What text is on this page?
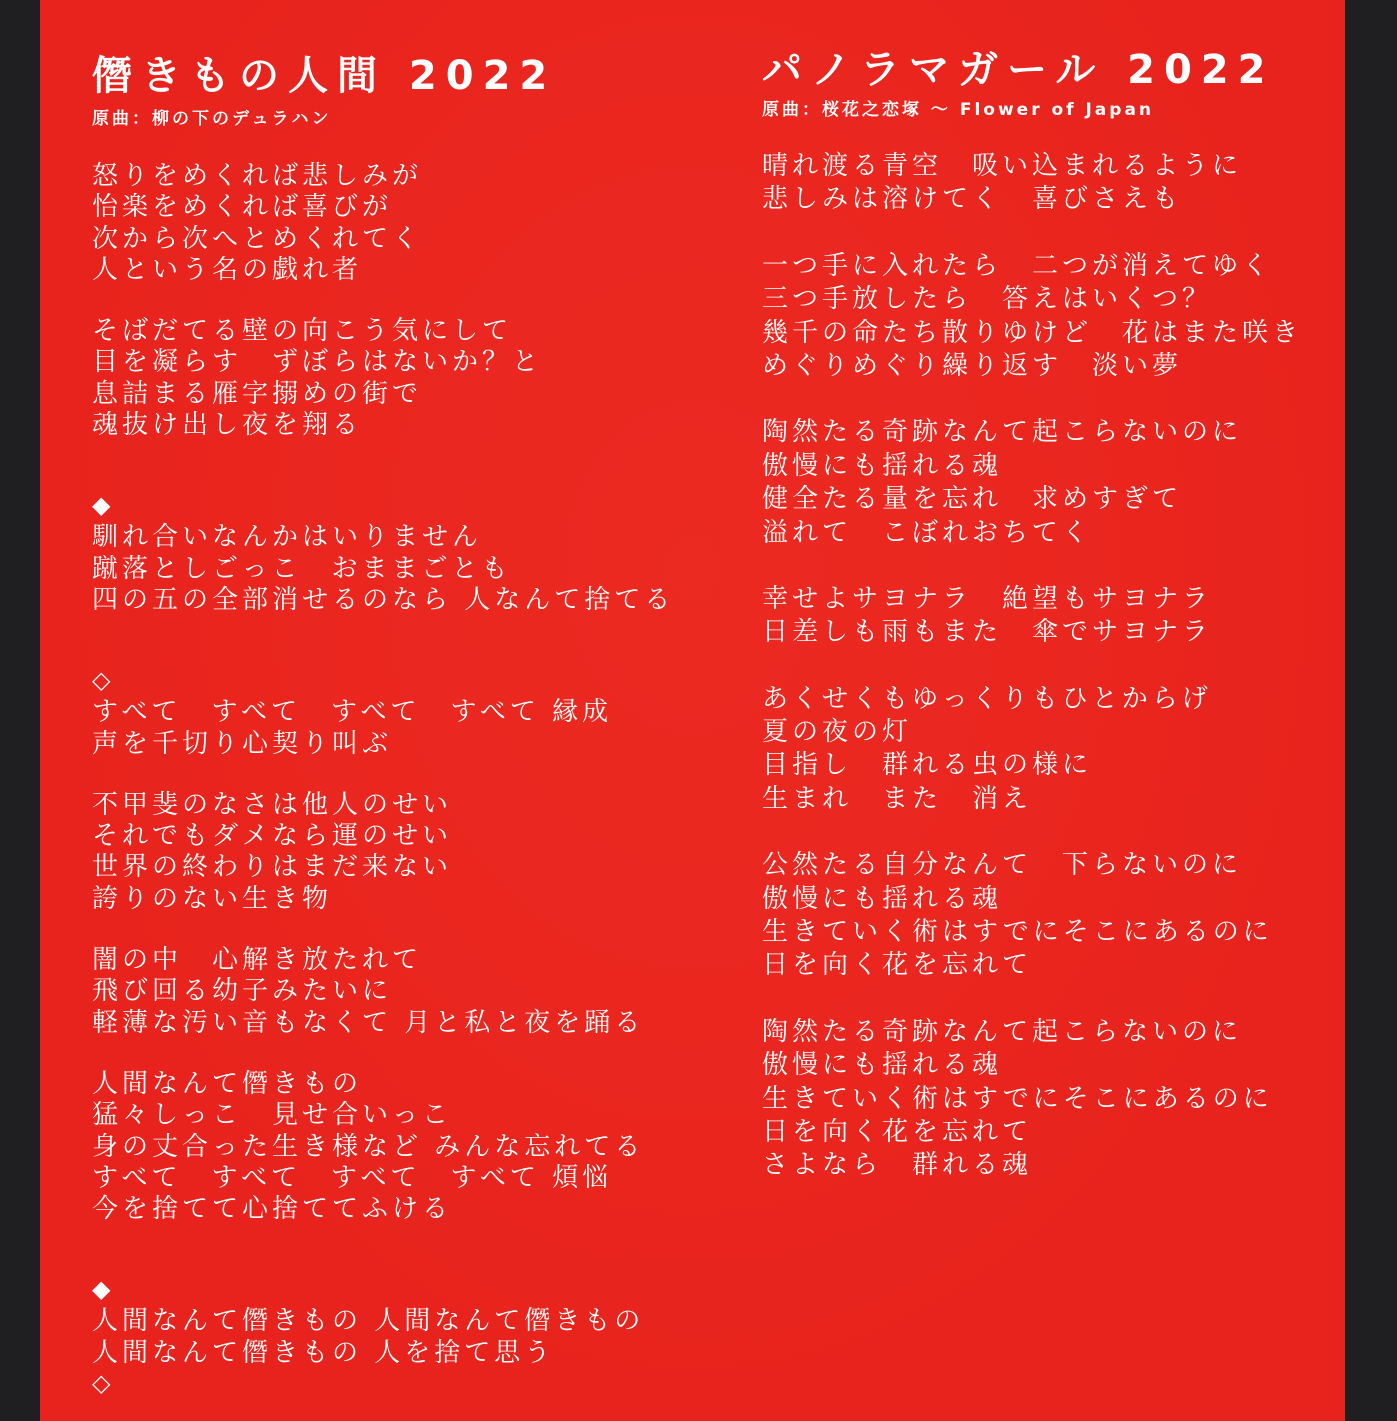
僭きもの人間 2022
原曲：柳の下のデュラハン
怒りをめくれば悲しみが
怡楽をめくれば喜びが
次から次へとめくれてく
人という名の戯れ者
そばだてる壁の向こう気にして
目を凝らす　ずぼらはないか？と
息詰まる雁字搦めの街で
魂抜け出し夜を翔る
◆
馴れ合いなんかはいりません
蹴落としごっこ　おままごとも
四の五の全部消せるのなら 人なんて捨てる
◇
すべて　すべて　すべて　すべて 縁成
声を千切り心契り叫ぶ
不甲斐のなさは他人のせい
それでもダメなら運のせい
世界の終わりはまだ来ない
誇りのない生き物
闇の中　心解き放たれて
飛び回る幼子みたいに
軽薄な汚い音もなくて 月と私と夜を踊る
人間なんて僭きもの
猛々しっこ　見せ合いっこ
身の丈合った生き様など みんな忘れてる
すべて　すべて　すべて　すべて 煩悩
今を捨てて心捨ててふける
◆
人間なんて僭きもの 人間なんて僭きもの
人間なんて僭きもの 人を捨て思う
◇
パノラマガール 2022
原曲：桜花之恋塚 ～ Flower of Japan
晴れ渡る青空　吸い込まれるように
悲しみは溶けてく　喜びさえも
一つ手に入れたら　二つが消えてゆく
三つ手放したら　答えはいくつ？
幾千の命たち散りゆけど　花はまた咲き
めぐりめぐり繰り返す　淡い夢
陶然たる奇跡なんて起こらないのに
傲慢にも揺れる魂
健全たる量を忘れ　求めすぎて
溢れて　こぼれおちてく
幸せよサヨナラ　絶望もサヨナラ
日差しも雨もまた　傘でサヨナラ
あくせくもゆっくりもひとからげ
夏の夜の灯
目指し　群れる虫の様に
生まれ　また　消え
公然たる自分なんて　下らないのに
傲慢にも揺れる魂
生きていく術はすでにそこにあるのに
日を向く花を忘れて
陶然たる奇跡なんて起こらないのに
傲慢にも揺れる魂
生きていく術はすでにそこにあるのに
日を向く花を忘れて
さよなら　群れる魂
